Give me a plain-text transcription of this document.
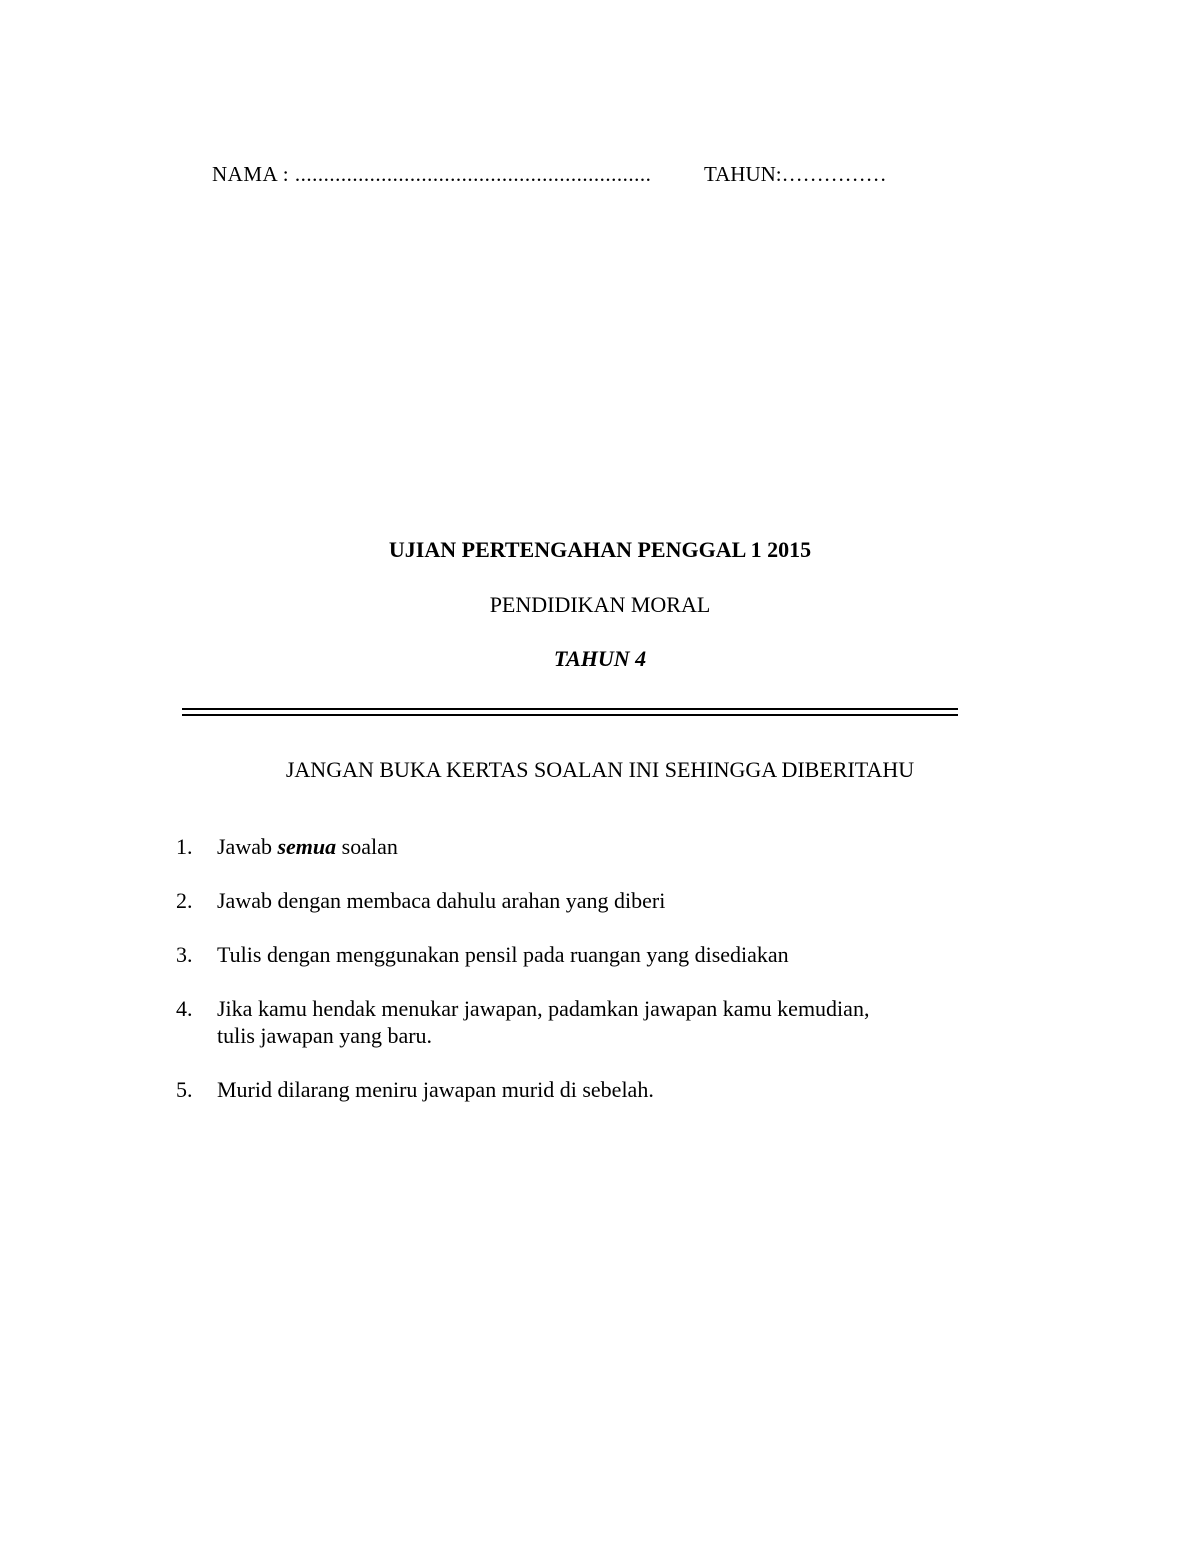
NAMA : ..............................................................	TAHUN:……………
UJIAN PERTENGAHAN PENGGAL 1 2015
PENDIDIKAN MORAL
TAHUN 4
JANGAN BUKA KERTAS SOALAN INI SEHINGGA DIBERITAHU
1. Jawab semua soalan
2. Jawab dengan membaca dahulu arahan yang diberi
3. Tulis dengan menggunakan pensil pada ruangan yang disediakan
4. Jika kamu hendak menukar jawapan, padamkan jawapan kamu kemudian,
tulis jawapan yang baru.
5. Murid dilarang meniru jawapan murid di sebelah.
